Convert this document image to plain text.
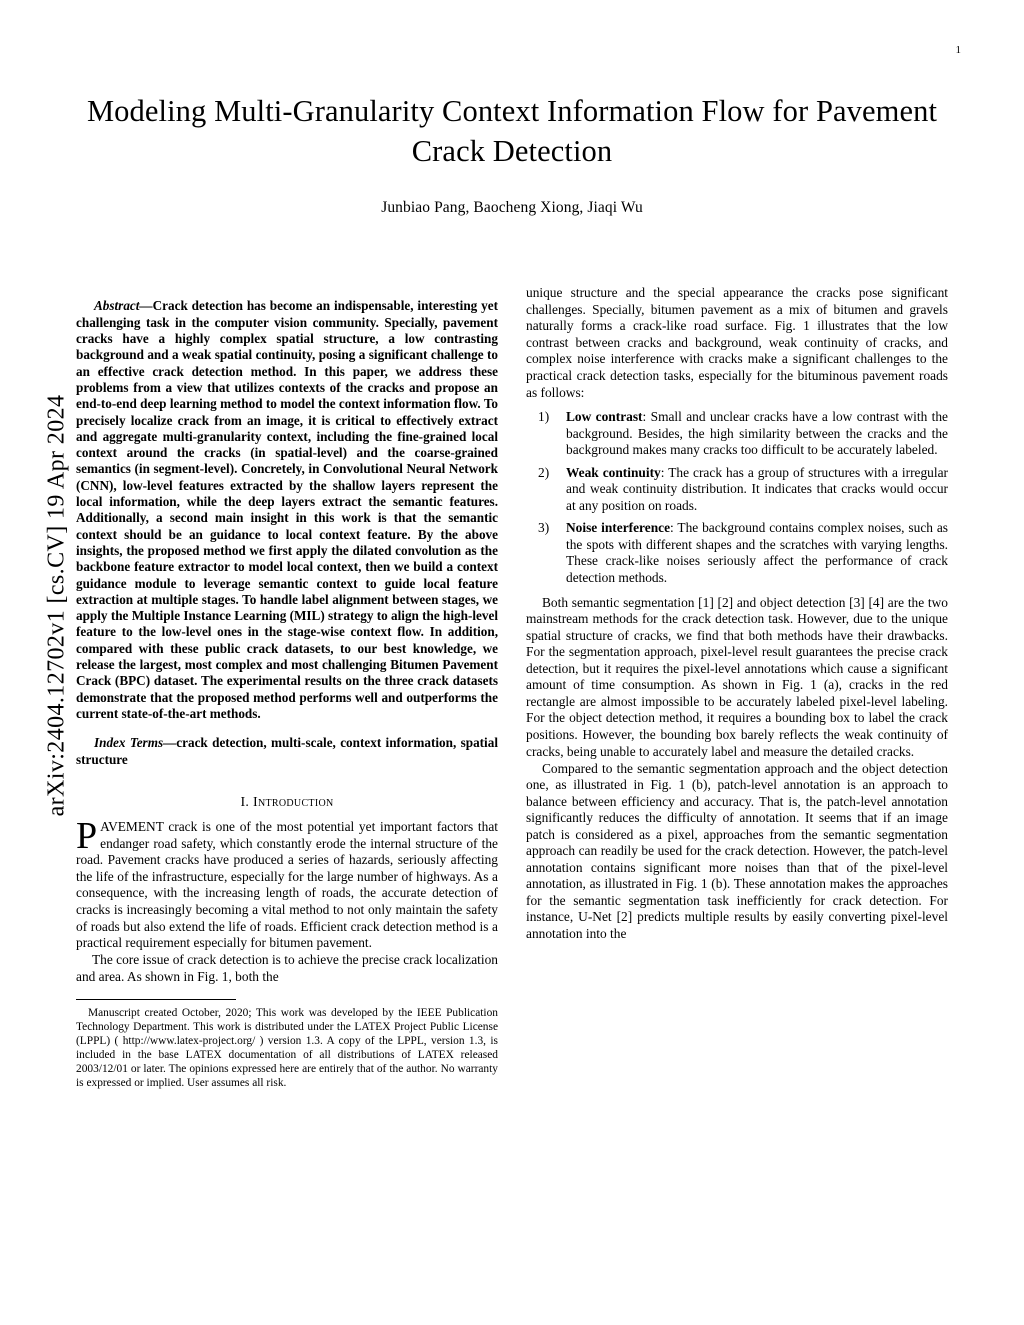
arXiv:2404.12702v1 [cs.CV] 19 Apr 2024
1
Modeling Multi-Granularity Context Information Flow for Pavement Crack Detection
Junbiao Pang, Baocheng Xiong, Jiaqi Wu

Abstract—Crack detection has become an indispensable, interesting yet challenging task in the computer vision community. Specially, pavement cracks have a highly complex spatial structure, a low contrasting background and a weak spatial continuity, posing a significant challenge to an effective crack detection method. In this paper, we address these problems from a view that utilizes contexts of the cracks and propose an end-to-end deep learning method to model the context information flow. To precisely localize crack from an image, it is critical to effectively extract and aggregate multi-granularity context, including the fine-grained local context around the cracks (in spatial-level) and the coarse-grained semantics (in segment-level). Concretely, in Convolutional Neural Network (CNN), low-level features extracted by the shallow layers represent the local information, while the deep layers extract the semantic features. Additionally, a second main insight in this work is that the semantic context should be an guidance to local context feature. By the above insights, the proposed method we first apply the dilated convolution as the backbone feature extractor to model local context, then we build a context guidance module to leverage semantic context to guide local feature extraction at multiple stages. To handle label alignment between stages, we apply the Multiple Instance Learning (MIL) strategy to align the high-level feature to the low-level ones in the stage-wise context flow. In addition, compared with these public crack datasets, to our best knowledge, we release the largest, most complex and most challenging Bitumen Pavement Crack (BPC) dataset. The experimental results on the three crack datasets demonstrate that the proposed method performs well and outperforms the current state-of-the-art methods.

Index Terms—crack detection, multi-scale, context information, spatial structure

I. Introduction

PAVEMENT crack is one of the most potential yet important factors that endanger road safety, which constantly erode the internal structure of the road. Pavement cracks have produced a series of hazards, seriously affecting the life of the infrastructure, especially for the large number of highways. As a consequence, with the increasing length of roads, the accurate detection of cracks is increasingly becoming a vital method to not only maintain the safety of roads but also extend the life of roads. Efficient crack detection method is a practical requirement especially for bitumen pavement.

The core issue of crack detection is to achieve the precise crack localization and area. As shown in Fig. 1, both the

Manuscript created October, 2020; This work was developed by the IEEE Publication Technology Department. This work is distributed under the LATEX Project Public License (LPPL) ( http://www.latex-project.org/ ) version 1.3. A copy of the LPPL, version 1.3, is included in the base LATEX documentation of all distributions of LATEX released 2003/12/01 or later. The opinions expressed here are entirely that of the author. No warranty is expressed or implied. User assumes all risk.

unique structure and the special appearance the cracks pose significant challenges. Specially, bitumen pavement as a mix of bitumen and gravels naturally forms a crack-like road surface. Fig. 1 illustrates that the low contrast between cracks and background, weak continuity of cracks, and complex noise interference with cracks make a significant challenges to the practical crack detection tasks, especially for the bituminous pavement roads as follows:

1) Low contrast: Small and unclear cracks have a low contrast with the background. Besides, the high similarity between the cracks and the background makes many cracks too difficult to be accurately labeled.
2) Weak continuity: The crack has a group of structures with a irregular and weak continuity distribution. It indicates that cracks would occur at any position on roads.
3) Noise interference: The background contains complex noises, such as the spots with different shapes and the scratches with varying lengths. These crack-like noises seriously affect the performance of crack detection methods.

Both semantic segmentation [1] [2] and object detection [3] [4] are the two mainstream methods for the crack detection task. However, due to the unique spatial structure of cracks, we find that both methods have their drawbacks. For the segmentation approach, pixel-level result guarantees the precise crack detection, but it requires the pixel-level annotations which cause a significant amount of time consumption. As shown in Fig. 1 (a), cracks in the red rectangle are almost impossible to be accurately labeled pixel-level labeling. For the object detection method, it requires a bounding box to label the crack positions. However, the bounding box barely reflects the weak continuity of cracks, being unable to accurately label and measure the detailed cracks.

Compared to the semantic segmentation approach and the object detection one, as illustrated in Fig. 1 (b), patch-level annotation is an approach to balance between efficiency and accuracy. That is, the patch-level annotation significantly reduces the difficulty of annotation. It seems that if an image patch is considered as a pixel, approaches from the semantic segmentation approach can readily be used for the crack detection. However, the patch-level annotation contains significant more noises than that of the pixel-level annotation, as illustrated in Fig. 1 (b). These annotation makes the approaches for the semantic segmentation task inefficiently for crack detection. For instance, U-Net [2] predicts multiple results by easily converting pixel-level annotation into the
